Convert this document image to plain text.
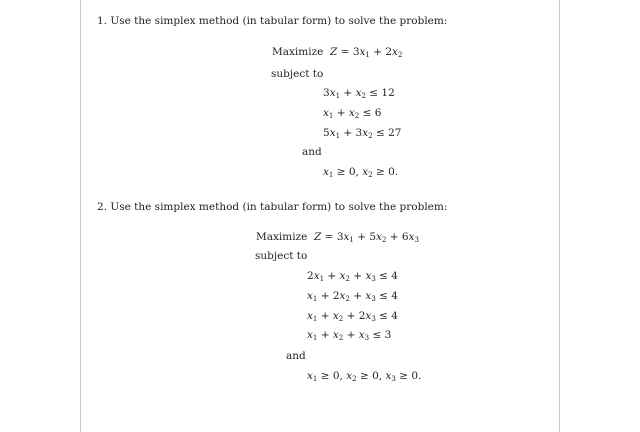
1. Use the simplex method (in tabular form) to solve the problem:
Maximize $Z = 3x_1 + 2x_2$
subject to
$3x_1 + x_2 \le 12$
$x_1 + x_2 \le 6$
$5x_1 + 3x_2 \le 27$
and
$x_1 \ge 0$, $x_2 \ge 0$.
2. Use the simplex method (in tabular form) to solve the problem:
Maximize $Z = 3x_1 + 5x_2 + 6x_3$
subject to
$2x_1 + x_2 + x_3 \le 4$
$x_1 + 2x_2 + x_3 \le 4$
$x_1 + x_2 + 2x_3 \le 4$
$x_1 + x_2 + x_3 \le 3$
and
$x_1 \ge 0$, $x_2 \ge 0$, $x_3 \ge 0$.
